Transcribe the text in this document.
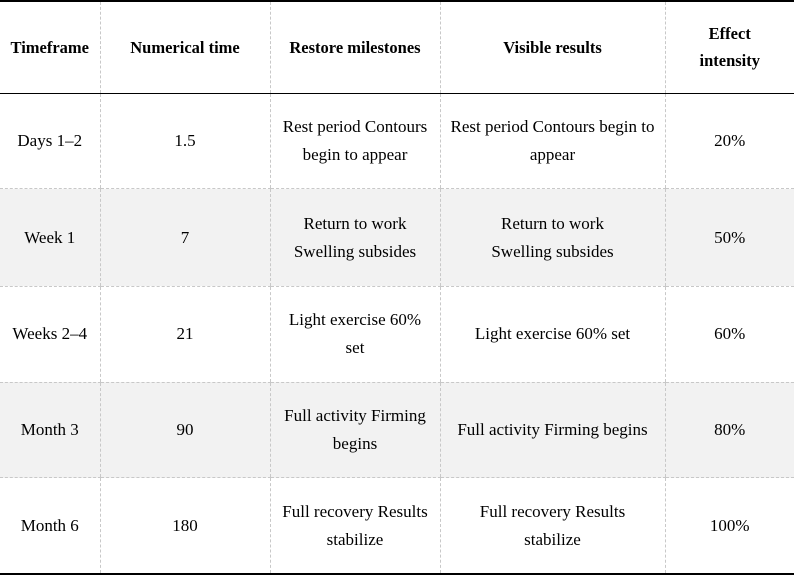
Timeframe	Numerical time	Restore milestones	Visible results	Effect intensity
Days 1–2	1.5	Rest period Contours begin to appear	Rest period Contours begin to appear	20%
Week 1	7	Return to work Swelling subsides	Return to work Swelling subsides	50%
Weeks 2–4	21	Light exercise 60% set	Light exercise 60% set	60%
Month 3	90	Full activity Firming begins	Full activity Firming begins	80%
Month 6	180	Full recovery Results stabilize	Full recovery Results stabilize	100%
